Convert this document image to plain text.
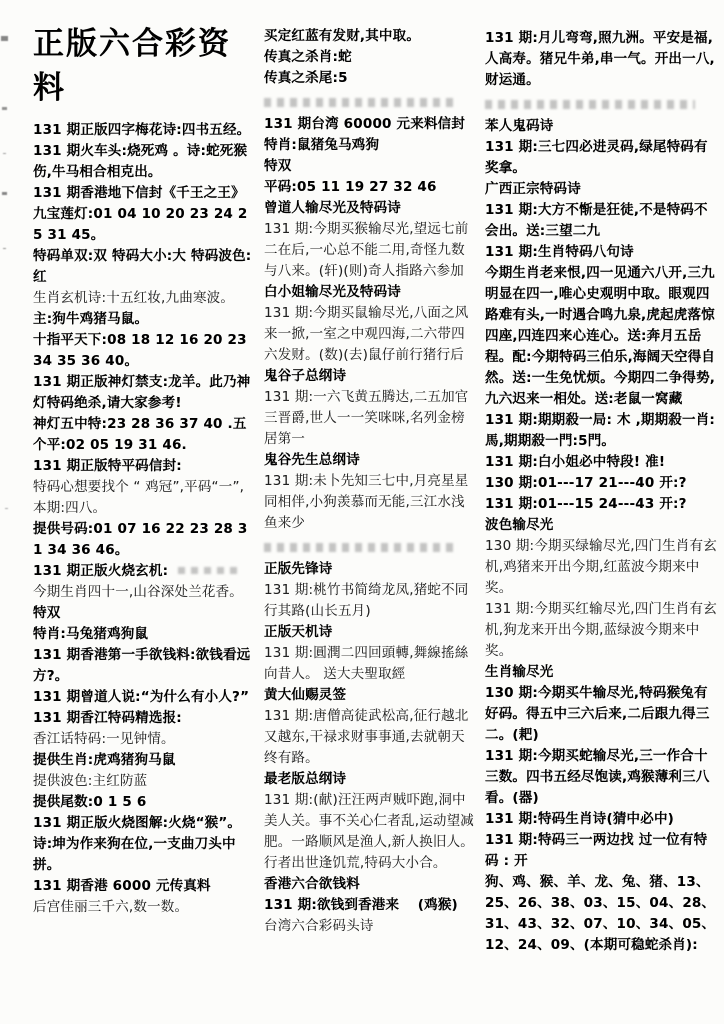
正版六合彩资料

131 期正版四字梅花诗:四书五经。

131 期火车头:烧死鸡 。诗:蛇死猴伤,牛马相合相克出。

131 期香港地下信封《千王之王》

九宝莲灯:01 04 10 20 23 24 25 31 45。

特码单双:双 特码大小:大 特码波色:红

生肖玄机诗:十五红妆,九曲寒波。

主:狗牛鸡猪马鼠。

十指平天下:08 18 12 16 20 23 34 35 36 40。

131 期正版神灯禁支:龙羊。此乃神灯特码绝杀,请大家参考!

神灯五中特:23 28 36 37 40 .五个平:02 05 19 31 46.

131 期正版特平码信封:

特码心想要找个 “ 鸡冠”,平码“一”,本期:四八。

提供号码:01 07 16 22 23 28 31 34 36 46。

131 期正版火烧玄机:

今期生肖四十一,山谷深处兰花香。

特双

特肖:马兔猪鸡狗鼠

131 期香港第一手欲钱料:欲钱看远方?。

131 期曾道人说:“为什么有小人?”

131 期香江特码精选报:

香江话特码:一见钟情。

提供生肖:虎鸡猪狗马鼠

提供波色:主红防蓝

提供尾数:0 1 5 6

131 期正版火烧图解:火烧“猴”。诗:坤为作来狗在位,一支曲刀头中拼。

131 期香港 6000 元传真料

后宫佳丽三千六,数一数。

买定红蓝有发财,其中取。

传真之杀肖:蛇

传真之杀尾:5

131 期台湾 60000 元来料信封

特肖:鼠猪兔马鸡狗

特双

平码:05 11 19 27 32 46

曾道人输尽光及特码诗

131 期:今期买猴输尽光,望远七前二在后,一心总不能二用,奇怪九数与八来。(轩)(则)奇人指路六参加

白小姐输尽光及特码诗

131 期:今期买鼠输尽光,八面之风来一掀,一室之中观四海,二六带四六发财。(数)(去)鼠仔前行猪行后

鬼谷子总纲诗

131 期:一六飞黄五腾达,二五加官三晋爵,世人一一笑咪咪,名列金榜居第一

鬼谷先生总纲诗

131 期:未卜先知三七中,月亮星星同相伴,小狗羡慕而无能,三江水浅鱼来少

正版先锋诗

131 期:桃竹书简绮龙凤,猪蛇不同行其路(山长五月)

正版天机诗

131 期:圓潤二四回頭轉,舞線搖絲向昔人。 送大夫聖取經

黄大仙赐灵签

131 期:唐僧高徒武松高,征行越北又越东,干禄求财事事通,去就朝天终有路。

最老版总纲诗

131 期:(献)汪汪两声贼吓跑,洞中美人关。事不关心仁者乱,运动望减肥。一路顺风是渔人,新人换旧人。行者出世逢饥荒,特码大小合。

香港六合欲钱料

131 期:欲钱到香港来　 (鸡猴)

台湾六合彩码头诗

131 期:月儿弯弯,照九洲。平安是福,人高寿。猪兄牛弟,串一气。开出一八,财运通。

苯人鬼码诗

131 期:三七四必进灵码,绿尾特码有奖拿。

广西正宗特码诗

131 期:大方不惭是狂徒,不是特码不会出。送:三望二九

131 期:生肖特码八句诗

今期生肖老来恨,四一见通六八开,三九明显在四一,唯心史观明中取。眼观四路难有头,一时遇合鸣九泉,虎起虎落惊四座,四连四来心连心。送:奔月五岳程。配:今期特码三伯乐,海阔天空得自然。送:一生免忧烦。今期四二争得势,九六迟来一相处。送:老鼠一窝藏

131 期:期期殺一局: 木 ,期期殺一肖:馬,期期殺一門:5門。

131 期:白小姐必中特段! 准!

130 期:01---17 21---40 开:?

131 期:01---15 24---43 开:?

波色输尽光

130 期:今期买绿输尽光,四门生肖有玄机,鸡猪来开出今期,红蓝波今期来中奖。

131 期:今期买红输尽光,四门生肖有玄机,狗龙来开出今期,蓝绿波今期来中奖。

生肖输尽光

130 期:今期买牛输尽光,特码猴兔有好码。得五中三六后来,二后跟九得三二。(耙)

131 期:今期买蛇输尽光,三一作合十三数。四书五经尽饱读,鸡猴薄利三八看。(器)

131 期:特码生肖诗(猜中必中)

131 期:特码三一两边找 过一位有特码 : 开

狗、鸡、猴、羊、龙、兔、猪、13、25、26、38、03、15、04、28、31、43、32、07、10、34、05、12、24、09、(本期可稳蛇杀肖):
